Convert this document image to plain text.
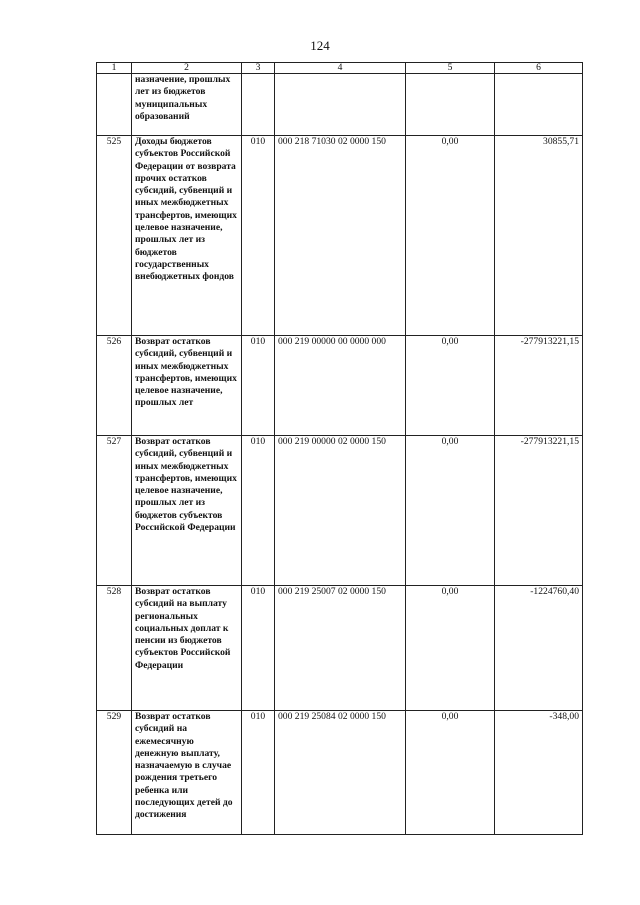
124
1	2	3	4	5	6
	назначение, прошлых лет из бюджетов муниципальных образований				
525	Доходы бюджетов субъектов Российской Федерации от возврата прочих остатков субсидий, субвенций и иных межбюджетных трансфертов, имеющих целевое назначение, прошлых лет из бюджетов государственных внебюджетных фондов	010	000 218 71030 02 0000 150	0,00	30855,71
526	Возврат остатков субсидий, субвенций и иных межбюджетных трансфертов, имеющих целевое назначение, прошлых лет	010	000 219 00000 00 0000 000	0,00	-277913221,15
527	Возврат остатков субсидий, субвенций и иных межбюджетных трансфертов, имеющих целевое назначение, прошлых лет из бюджетов субъектов Российской Федерации	010	000 219 00000 02 0000 150	0,00	-277913221,15
528	Возврат остатков субсидий на выплату региональных социальных доплат к пенсии из бюджетов субъектов Российской Федерации	010	000 219 25007 02 0000 150	0,00	-1224760,40
529	Возврат остатков субсидий на ежемесячную денежную выплату, назначаемую в случае рождения третьего ребенка или последующих детей до достижения	010	000 219 25084 02 0000 150	0,00	-348,00
